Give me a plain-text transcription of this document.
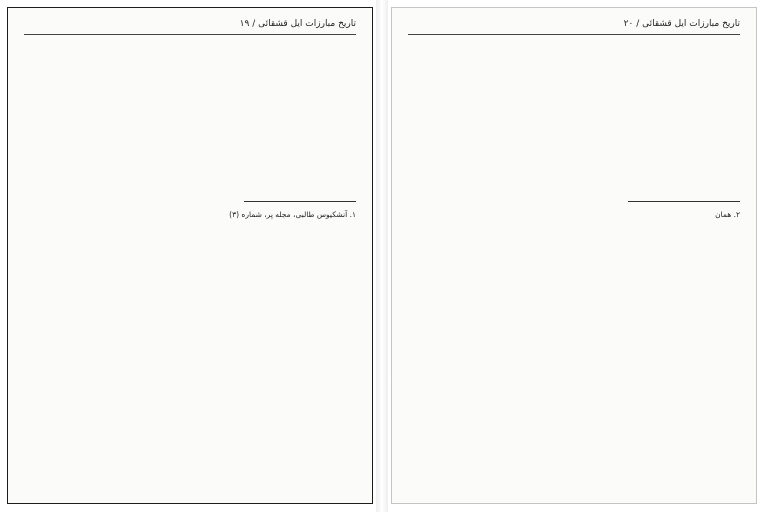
تاریخ مبارزات ایل قشقائی / ۱۹

۱. آنشکیوس طالبی، مجله پر، شماره (۳)
تاریخ مبارزات ایل قشقائی / ۲۰

۲. همان
